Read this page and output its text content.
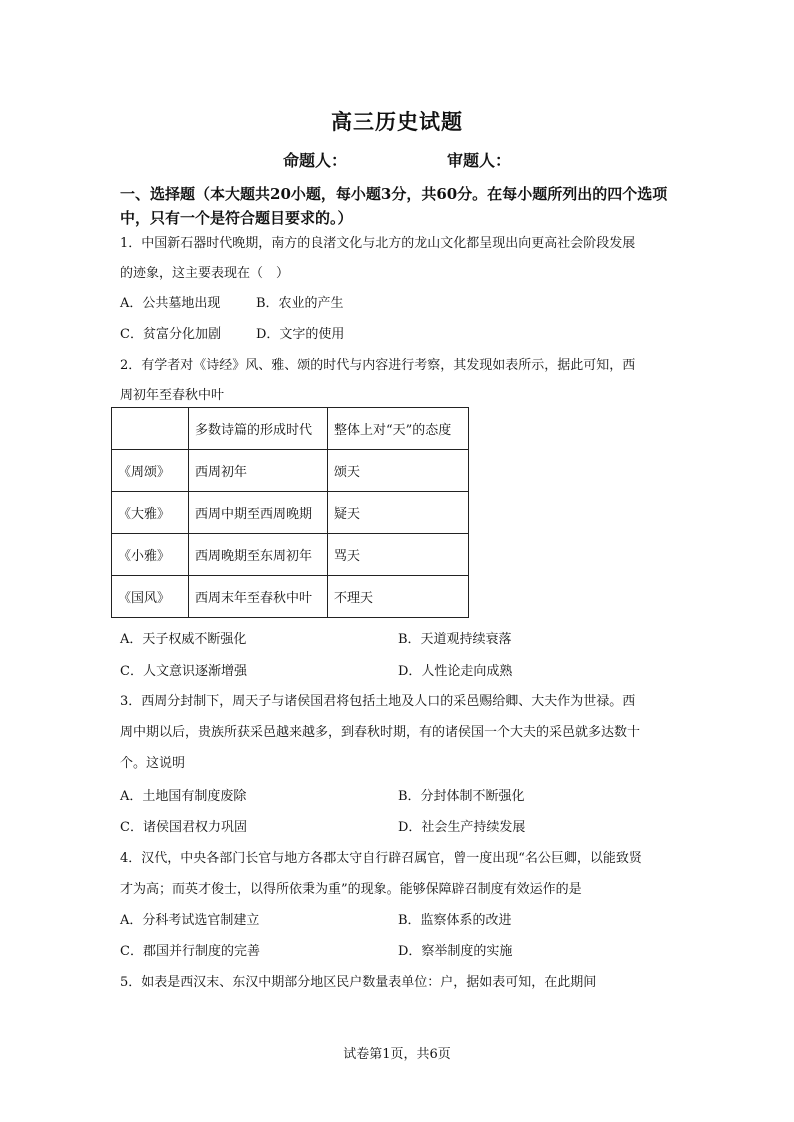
高三历史试题
命题人：	审题人：
一、选择题（本大题共20小题，每小题3分，共60分。在每小题所列出的四个选项中，只有一个是符合题目要求的。）
1．中国新石器时代晚期，南方的良渚文化与北方的龙山文化都呈现出向更高社会阶段发展
的迹象，这主要表现在（　）
A．公共墓地出现	B．农业的产生
C．贫富分化加剧	D．文字的使用
2．有学者对《诗经》风、雅、颂的时代与内容进行考察，其发现如表所示，据此可知，西
周初年至春秋中叶
	多数诗篇的形成时代	整体上对“天”的态度
《周颂》	西周初年	颂天
《大雅》	西周中期至西周晚期	疑天
《小雅》	西周晚期至东周初年	骂天
《国风》	西周末年至春秋中叶	不理天
A．天子权威不断强化	B．天道观持续衰落
C．人文意识逐渐增强	D．人性论走向成熟
3．西周分封制下，周天子与诸侯国君将包括土地及人口的采邑赐给卿、大夫作为世禄。西
周中期以后，贵族所获采邑越来越多，到春秋时期，有的诸侯国一个大夫的采邑就多达数十
个。这说明
A．土地国有制度废除	B．分封体制不断强化
C．诸侯国君权力巩固	D．社会生产持续发展
4．汉代，中央各部门长官与地方各郡太守自行辟召属官，曾一度出现“名公巨卿，以能致贤
才为高；而英才俊士，以得所依秉为重”的现象。能够保障辟召制度有效运作的是
A．分科考试选官制建立	B．监察体系的改进
C．郡国并行制度的完善	D．察举制度的实施
5．如表是西汉末、东汉中期部分地区民户数量表单位：户，据如表可知，在此期间
试卷第1页，共6页
